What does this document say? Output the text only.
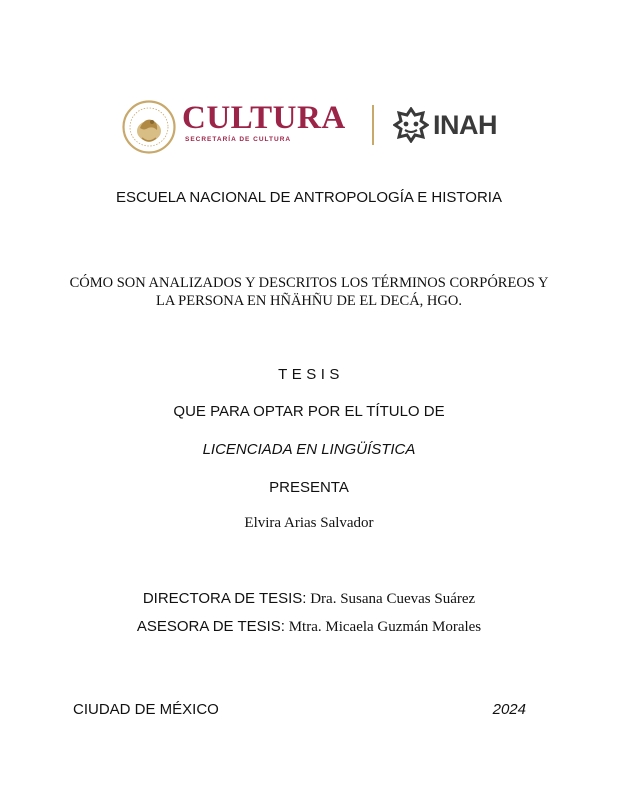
CULTURA
SECRETARÍA DE CULTURA	INAH
ESCUELA NACIONAL DE ANTROPOLOGÍA E HISTORIA
CÓMO SON ANALIZADOS Y DESCRITOS LOS TÉRMINOS CORPÓREOS Y LA PERSONA EN HÑÄHÑU DE EL DECÁ, HGO.
TESIS
QUE PARA OPTAR POR EL TÍTULO DE
LICENCIADA EN LINGÜÍSTICA
PRESENTA
Elvira Arias Salvador
DIRECTORA DE TESIS: Dra. Susana Cuevas Suárez
ASESORA DE TESIS: Mtra. Micaela Guzmán Morales
CIUDAD DE MÉXICO	2024
